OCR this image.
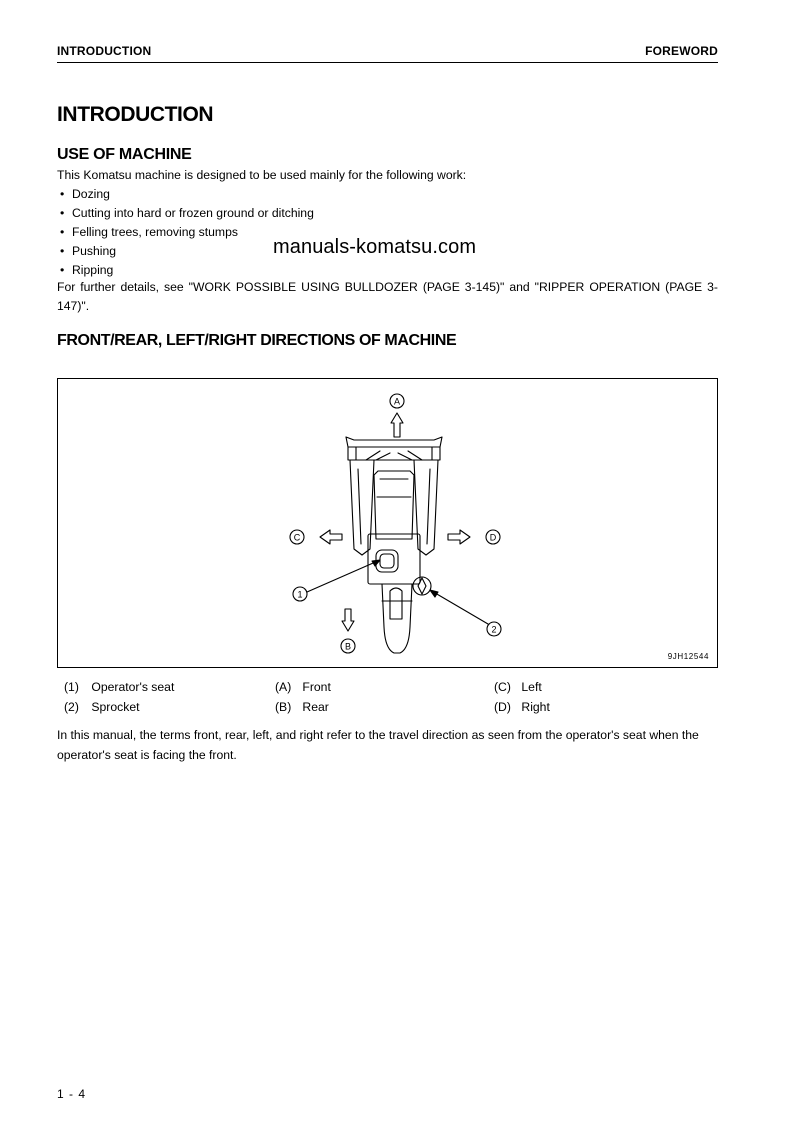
INTRODUCTION	FOREWORD
INTRODUCTION
USE OF MACHINE
This Komatsu machine is designed to be used mainly for the following work:
• Dozing
• Cutting into hard or frozen ground or ditching
• Felling trees, removing stumps
• Pushing
• Ripping
manuals-komatsu.com
For further details, see "WORK POSSIBLE USING BULLDOZER (PAGE 3-145)" and "RIPPER OPERATION (PAGE 3-147)".
FRONT/REAR, LEFT/RIGHT DIRECTIONS OF MACHINE
A
C	D
B
1
2
9JH12544
(1) Operator's seat
(2) Sprocket
(A) Front
(B) Rear
(C) Left
(D) Right
In this manual, the terms front, rear, left, and right refer to the travel direction as seen from the operator's seat when the operator's seat is facing the front.
1 - 4
